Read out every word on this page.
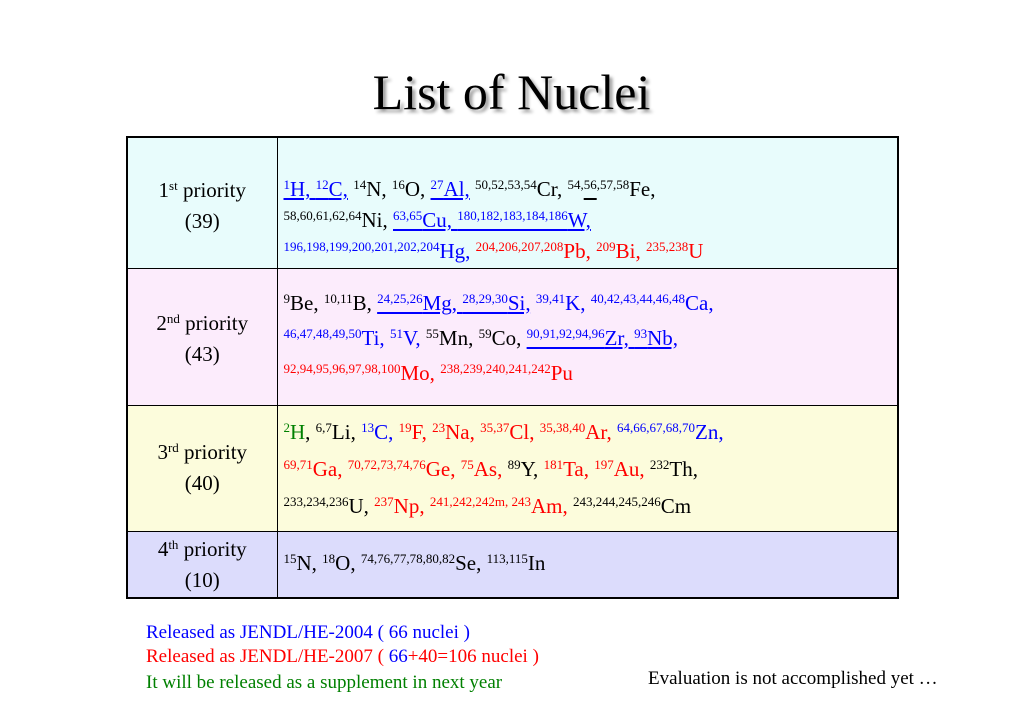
List of Nuclei
1st priority
(39)	$^1$H, $^{12}$C, $^{14}$N, $^{16}$O, $^{27}$Al, $^{50,52,53,54}$Cr, $^{54,56,57,58}$Fe,
$^{58,60,61,62,64}$Ni, $^{63,65}$Cu, $^{180,182,183,184,186}$W,
$^{196,198,199,200,201,202,204}$Hg, $^{204,206,207,208}$Pb, $^{209}$Bi, $^{235,238}$U

2nd priority
(43)	$^9$Be, $^{10,11}$B, $^{24,25,26}$Mg, $^{28,29,30}$Si, $^{39,41}$K, $^{40,42,43,44,46,48}$Ca,
$^{46,47,48,49,50}$Ti, $^{51}$V, $^{55}$Mn, $^{59}$Co, $^{90,91,92,94,96}$Zr, $^{93}$Nb,
$^{92,94,95,96,97,98,100}$Mo, $^{238,239,240,241,242}$Pu

3rd priority
(40)	$^2$H, $^{6,7}$Li, $^{13}$C, $^{19}$F, $^{23}$Na, $^{35,37}$Cl, $^{35,38,40}$Ar, $^{64,66,67,68,70}$Zn,
$^{69,71}$Ga, $^{70,72,73,74,76}$Ge, $^{75}$As, $^{89}$Y, $^{181}$Ta, $^{197}$Au, $^{232}$Th,
$^{233,234,236}$U, $^{237}$Np, $^{241,242,242m, 243}$Am, $^{243,244,245,246}$Cm

4th priority
(10)	$^{15}$N, $^{18}$O, $^{74,76,77,78,80,82}$Se, $^{113,115}$In
Released as JENDL/HE-2004 ( 66 nuclei )
Released as JENDL/HE-2007 ( 66+40=106 nuclei )
It will be released as a supplement in next year	Evaluation is not accomplished yet …
